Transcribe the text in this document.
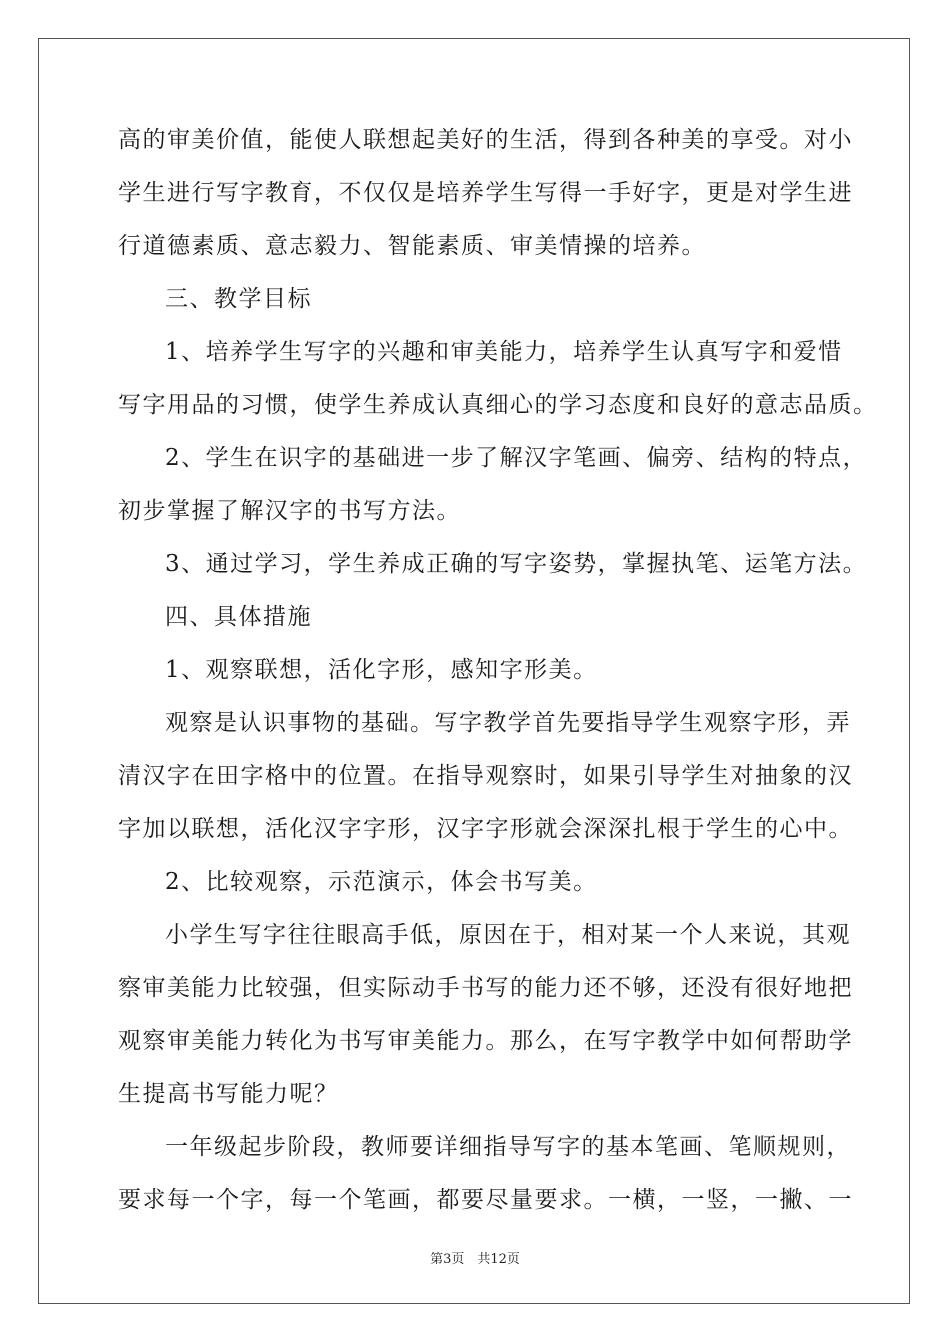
高的审美价值，能使人联想起美好的生活，得到各种美的享受。对小
学生进行写字教育，不仅仅是培养学生写得一手好字，更是对学生进
行道德素质、意志毅力、智能素质、审美情操的培养。
三、教学目标
1、培养学生写字的兴趣和审美能力，培养学生认真写字和爱惜
写字用品的习惯，使学生养成认真细心的学习态度和良好的意志品质。
2、学生在识字的基础进一步了解汉字笔画、偏旁、结构的特点，
初步掌握了解汉字的书写方法。
3、通过学习，学生养成正确的写字姿势，掌握执笔、运笔方法。
四、具体措施
1、观察联想，活化字形，感知字形美。
观察是认识事物的基础。写字教学首先要指导学生观察字形，弄
清汉字在田字格中的位置。在指导观察时，如果引导学生对抽象的汉
字加以联想，活化汉字字形，汉字字形就会深深扎根于学生的心中。
2、比较观察，示范演示，体会书写美。
小学生写字往往眼高手低，原因在于，相对某一个人来说，其观
察审美能力比较强，但实际动手书写的能力还不够，还没有很好地把
观察审美能力转化为书写审美能力。那么，在写字教学中如何帮助学
生提高书写能力呢？
一年级起步阶段，教师要详细指导写字的基本笔画、笔顺规则，
要求每一个字，每一个笔画，都要尽量要求。一横，一竖，一撇、一
第3页　共12页
